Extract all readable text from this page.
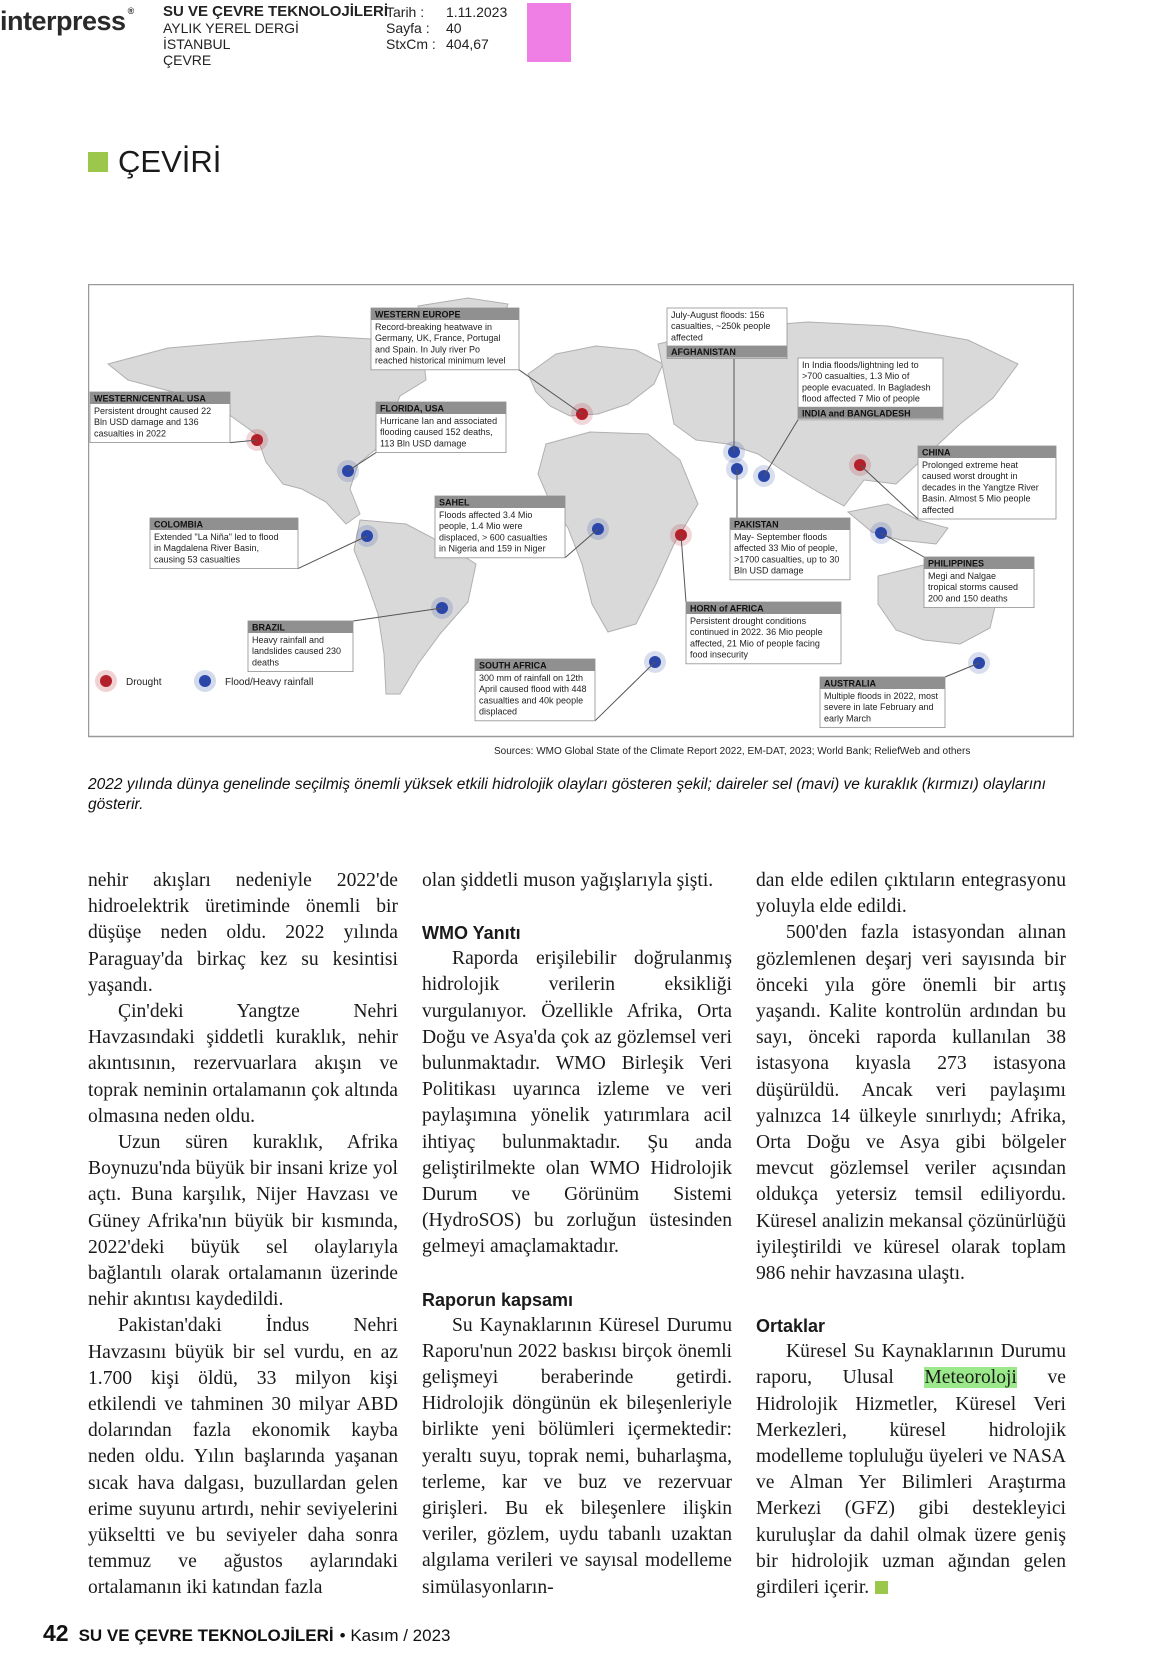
interpress ® SU VE ÇEVRE TEKNOLOJİLERİ
AYLIK YEREL DERGİ
İSTANBUL
ÇEVRE
Tarih :	1.11.2023
Sayfa :	40
StxCm : 404,67
ÇEVİRİ
WESTERN EUROPE
Record-breaking heatwave in
Germany, UK, France, Portugal
and Spain. In July river Po
reached historical minimum level
AFGHANISTAN
July-August floods: 156
casualties, ~250k people
affected
INDIA and BANGLADESH
In India floods/lightning led to
>700 casualties, 1.3 Mio of
people evacuated. In Bagladesh
flood affected 7 Mio of people
WESTERN/CENTRAL USA
Persistent drought caused 22
Bln USD damage and 136
casualties in 2022
FLORIDA, USA
Hurricane Ian and associated
flooding caused 152 deaths,
113 Bln USD damage
CHINA
Prolonged extreme heat
caused worst drought in
decades in the Yangtze River
Basin. Almost 5 Mio people
affected
SAHEL
Floods affected 3.4 Mio
people, 1.4 Mio were
displaced, > 600 casualties
in Nigeria and 159 in Niger
COLOMBIA
Extended "La Niña" led to flood
in Magdalena River Basin,
causing 53 casualties
PAKISTAN
May- September floods
affected 33 Mio of people,
>1700 casualties, up to 30
Bln USD damage
PHILIPPINES
Megi and Nalgae
tropical storms caused
200 and 150 deaths
HORN of AFRICA
Persistent drought conditions
continued in 2022. 36 Mio people
affected, 21 Mio of people facing
food insecurity
BRAZIL
Heavy rainfall and
landslides caused 230
deaths	SOUTH AFRICA
300 mm of rainfall on 12th
April caused flood with 448
casualties and 40k people
displaced
AUSTRALIA
Multiple floods in 2022, most
severe in late February and
early March
Drought	Flood/Heavy rainfall
Sources: WMO Global State of the Climate Report 2022, EM-DAT, 2023; World Bank; ReliefWeb and others
2022 yılında dünya genelinde seçilmiş önemli yüksek etkili hidrolojik olayları gösteren şekil; daireler sel (mavi) ve kuraklık (kırmızı) olaylarını gösterir.

nehir akışları nedeniyle 2022'de hidroelektrik üretiminde önemli bir düşüşe neden oldu. 2022 yılında Paraguay'da birkaç kez su kesintisi yaşandı.

Çin'deki Yangtze Nehri Havzasındaki şiddetli kuraklık, nehir akıntısının, rezervuarlara akışın ve toprak neminin ortalamanın çok altında olmasına neden oldu.

Uzun süren kuraklık, Afrika Boynuzu'nda büyük bir insani krize yol açtı. Buna karşılık, Nijer Havzası ve Güney Afrika'nın büyük bir kısmında, 2022'deki büyük sel olaylarıyla bağlantılı olarak ortalamanın üzerinde nehir akıntısı kaydedildi.

Pakistan'daki İndus Nehri Havzasını büyük bir sel vurdu, en az 1.700 kişi öldü, 33 milyon kişi etkilendi ve tahminen 30 milyar ABD dolarından fazla ekonomik kayba neden oldu. Yılın başlarında yaşanan sıcak hava dalgası, buzullardan gelen erime suyunu artırdı, nehir seviyelerini yükseltti ve bu seviyeler daha sonra temmuz ve ağustos aylarındaki ortalamanın iki katından fazla

olan şiddetli muson yağışlarıyla şişti.

WMO Yanıtı

Raporda erişilebilir doğrulanmış hidrolojik verilerin eksikliği vurgulanıyor. Özellikle Afrika, Orta Doğu ve Asya'da çok az gözlemsel veri bulunmaktadır. WMO Birleşik Veri Politikası uyarınca izleme ve veri paylaşımına yönelik yatırımlara acil ihtiyaç bulunmaktadır. Şu anda geliştirilmekte olan WMO Hidrolojik Durum ve Görünüm Sistemi (HydroSOS) bu zorluğun üstesinden gelmeyi amaçlamaktadır.

Raporun kapsamı

Su Kaynaklarının Küresel Durumu Raporu'nun 2022 baskısı birçok önemli gelişmeyi beraberinde getirdi. Hidrolojik döngünün ek bileşenleriyle birlikte yeni bölümleri içermektedir: yeraltı suyu, toprak nemi, buharlaşma, terleme, kar ve buz ve rezervuar girişleri. Bu ek bileşenlere ilişkin veriler, gözlem, uydu tabanlı uzaktan algılama verileri ve sayısal modelleme simülasyonların-

dan elde edilen çıktıların entegrasyonu yoluyla elde edildi.

500'den fazla istasyondan alınan gözlemlenen deşarj veri sayısında bir önceki yıla göre önemli bir artış yaşandı. Kalite kontrolün ardından bu sayı, önceki raporda kullanılan 38 istasyona kıyasla 273 istasyona düşürüldü. Ancak veri paylaşımı yalnızca 14 ülkeyle sınırlıydı; Afrika, Orta Doğu ve Asya gibi bölgeler mevcut gözlemsel veriler açısından oldukça yetersiz temsil ediliyordu. Küresel analizin mekansal çözünürlüğü iyileştirildi ve küresel olarak toplam 986 nehir havzasına ulaştı.

Ortaklar

Küresel Su Kaynaklarının Durumu raporu, Ulusal Meteoroloji ve Hidrolojik Hizmetler, Küresel Veri Merkezleri, küresel hidrolojik modelleme topluluğu üyeleri ve NASA ve Alman Yer Bilimleri Araştırma Merkezi (GFZ) gibi destekleyici kuruluşlar da dahil olmak üzere geniş bir hidrolojik uzman ağından gelen girdileri içerir.

42 SU VE ÇEVRE TEKNOLOJİLERİ • Kasım / 2023
